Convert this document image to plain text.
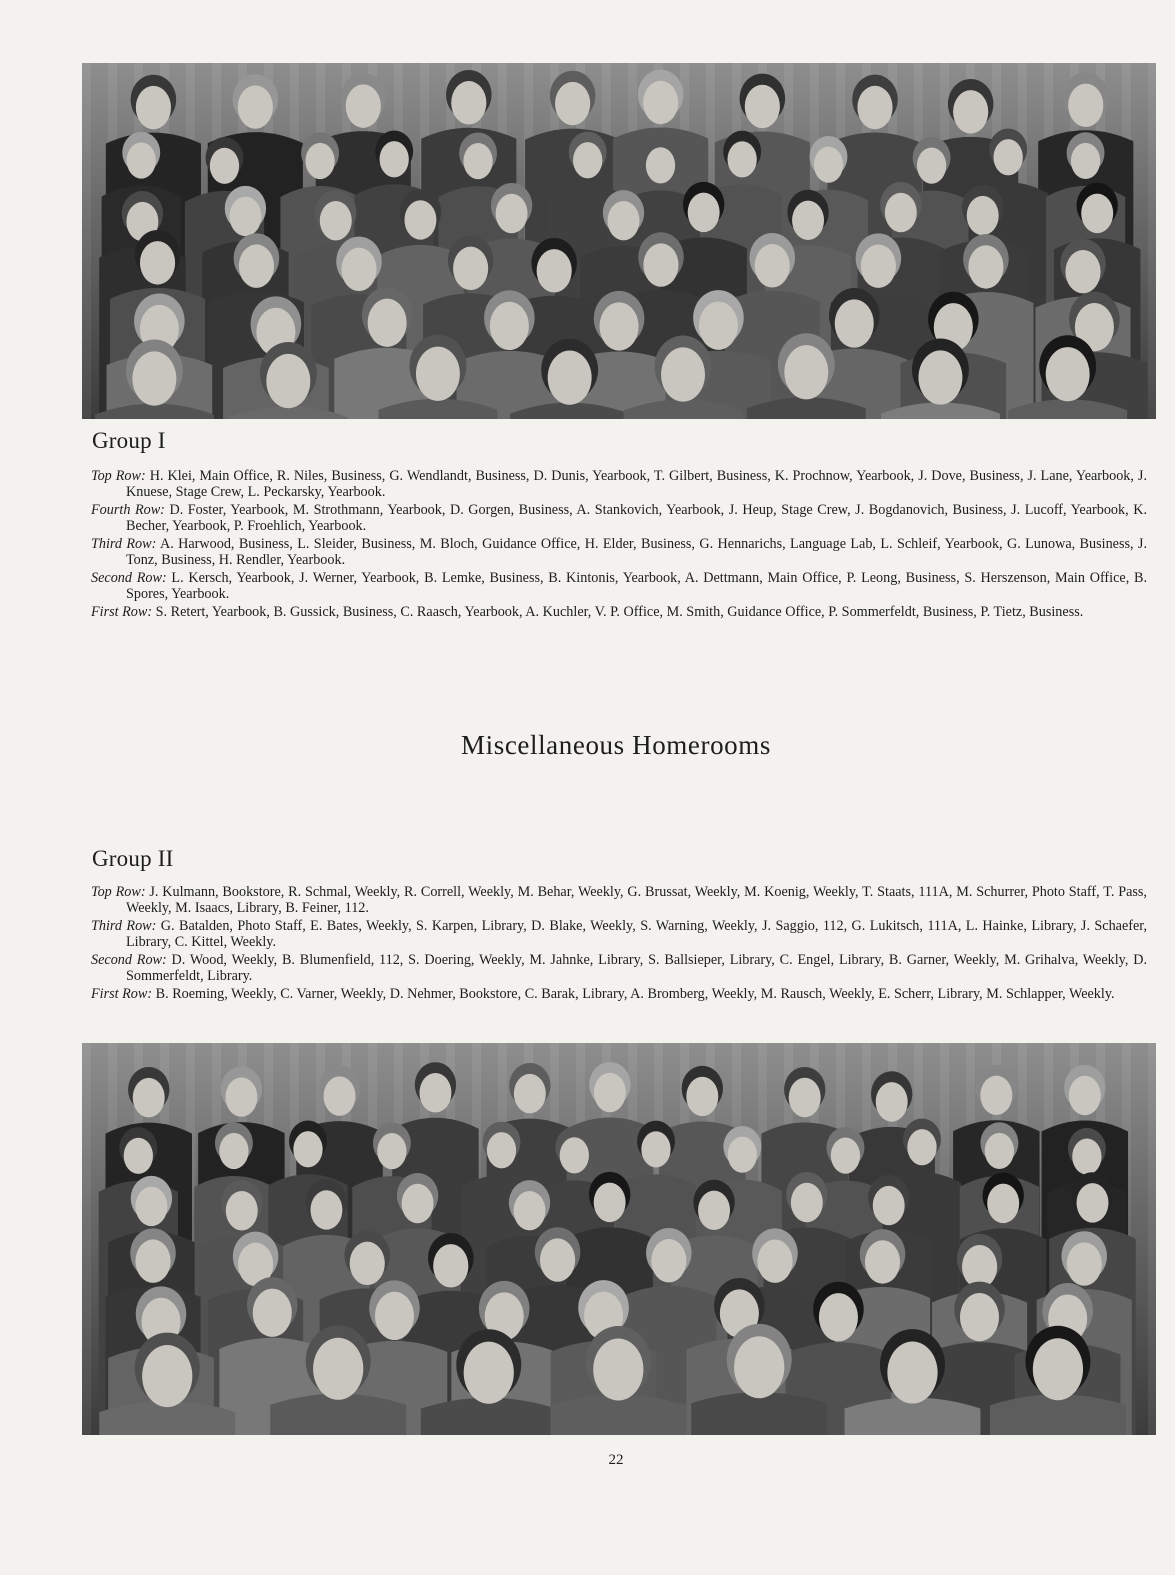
Group I

Top Row: H. Klei, Main Office, R. Niles, Business, G. Wendlandt, Business, D. Dunis, Yearbook, T. Gilbert, Business, K. Prochnow, Yearbook, J. Dove, Business, J. Lane, Yearbook, J. Knuese, Stage Crew, L. Peckarsky, Yearbook.

Fourth Row: D. Foster, Yearbook, M. Strothmann, Yearbook, D. Gorgen, Business, A. Stankovich, Yearbook, J. Heup, Stage Crew, J. Bogdanovich, Business, J. Lucoff, Yearbook, K. Becher, Yearbook, P. Froehlich, Yearbook.

Third Row: A. Harwood, Business, L. Sleider, Business, M. Bloch, Guidance Office, H. Elder, Business, G. Hennarichs, Language Lab, L. Schleif, Yearbook, G. Lunowa, Business, J. Tonz, Business, H. Rendler, Yearbook.

Second Row: L. Kersch, Yearbook, J. Werner, Yearbook, B. Lemke, Business, B. Kintonis, Yearbook, A. Dettmann, Main Office, P. Leong, Business, S. Herszenson, Main Office, B. Spores, Yearbook.

First Row: S. Retert, Yearbook, B. Gussick, Business, C. Raasch, Yearbook, A. Kuchler, V. P. Office, M. Smith, Guidance Office, P. Sommerfeldt, Business, P. Tietz, Business.

Miscellaneous Homerooms
Group II

Top Row: J. Kulmann, Bookstore, R. Schmal, Weekly, R. Correll, Weekly, M. Behar, Weekly, G. Brussat, Weekly, M. Koenig, Weekly, T. Staats, 111A, M. Schurrer, Photo Staff, T. Pass, Weekly, M. Isaacs, Library, B. Feiner, 112.

Third Row: G. Batalden, Photo Staff, E. Bates, Weekly, S. Karpen, Library, D. Blake, Weekly, S. Warning, Weekly, J. Saggio, 112, G. Lukitsch, 111A, L. Hainke, Library, J. Schaefer, Library, C. Kittel, Weekly.

Second Row: D. Wood, Weekly, B. Blumenfield, 112, S. Doering, Weekly, M. Jahnke, Library, S. Ballsieper, Library, C. Engel, Library, B. Garner, Weekly, M. Grihalva, Weekly, D. Sommerfeldt, Library.

First Row: B. Roeming, Weekly, C. Varner, Weekly, D. Nehmer, Bookstore, C. Barak, Library, A. Bromberg, Weekly, M. Rausch, Weekly, E. Scherr, Library, M. Schlapper, Weekly.

22
